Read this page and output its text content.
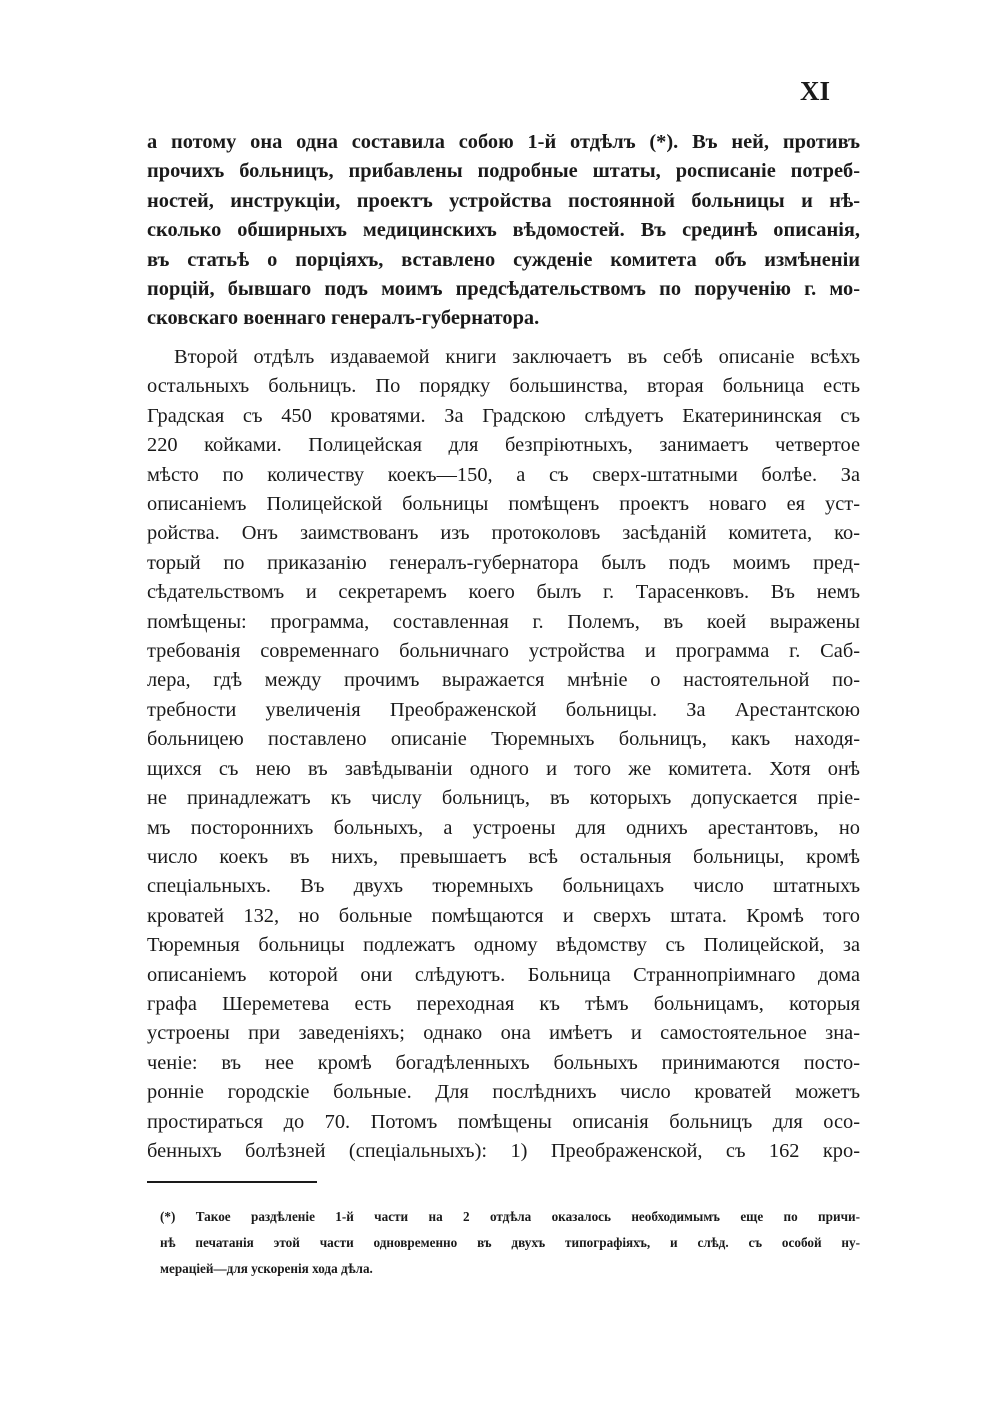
XI
а потому она одна составила собою 1-й отдѣлъ (*). Въ ней, противъ
прочихъ больницъ, прибавлены подробные штаты, росписаніе потреб-
ностей, инструкціи, проектъ устройства постоянной больницы и нѣ-
сколько обширныхъ медицинскихъ вѣдомостей. Въ срединѣ описанія,
въ статьѣ о порціяхъ, вставлено сужденіе комитета объ измѣненіи
порцій, бывшаго подъ моимъ предсѣдательствомъ по порученію г. мо-
сковскаго военнаго генералъ-губернатора.
Второй отдѣлъ издаваемой книги заключаетъ въ себѣ описаніе всѣхъ
остальныхъ больницъ. По порядку большинства, вторая больница есть
Градская съ 450 кроватями. За Градскою слѣдуетъ Екатерининская съ
220 койками. Полицейская для безпріютныхъ, занимаетъ четвертое
мѣсто по количеству коекъ—150, а съ сверх-штатными болѣе. За
описаніемъ Полицейской больницы помѣщенъ проектъ новаго ея уст-
ройства. Онъ заимствованъ изъ протоколовъ засѣданій комитета, ко-
торый по приказанію генералъ-губернатора былъ подъ моимъ пред-
сѣдательствомъ и секретаремъ коего былъ г. Тарасенковъ. Въ немъ
помѣщены: программа, составленная г. Полемъ, въ коей выражены
требованія современнаго больничнаго устройства и программа г. Саб-
лера, гдѣ между прочимъ выражается мнѣніе о настоятельной по-
требности увеличенія Преображенской больницы. За Арестантскою
больницею поставлено описаніе Тюремныхъ больницъ, какъ находя-
щихся съ нею въ завѣдываніи одного и того же комитета. Хотя онѣ
не принадлежатъ къ числу больницъ, въ которыхъ допускается пріе-
мъ постороннихъ больныхъ, а устроены для однихъ арестантовъ, но
число коекъ въ нихъ, превышаетъ всѣ остальныя больницы, кромѣ
спеціальныхъ. Въ двухъ тюремныхъ больницахъ число штатныхъ
кроватей 132, но больные помѣщаются и сверхъ штата. Кромѣ того
Тюремныя больницы подлежатъ одному вѣдомству съ Полицейской, за
описаніемъ которой они слѣдуютъ. Больница Страннопріимнаго дома
графа Шереметева есть переходная къ тѣмъ больницамъ, которыя
устроены при заведеніяхъ; однако она имѣетъ и самостоятельное зна-
ченіе: въ нее кромѣ богадѣленныхъ больныхъ принимаются посто-
ронніе городскіе больные. Для послѣднихъ число кроватей можетъ
простираться до 70. Потомъ помѣщены описанія больницъ для осо-
бенныхъ болѣзней (спеціальныхъ): 1) Преображенской, съ 162 кро-
(*) Такое раздѣленіе 1-й части на 2 отдѣла оказалось необходимымъ еще по причи-
нѣ печатанія этой части одновременно въ двухъ типографіяхъ, и слѣд. съ особой ну-
мераціей—для ускоренія хода дѣла.
